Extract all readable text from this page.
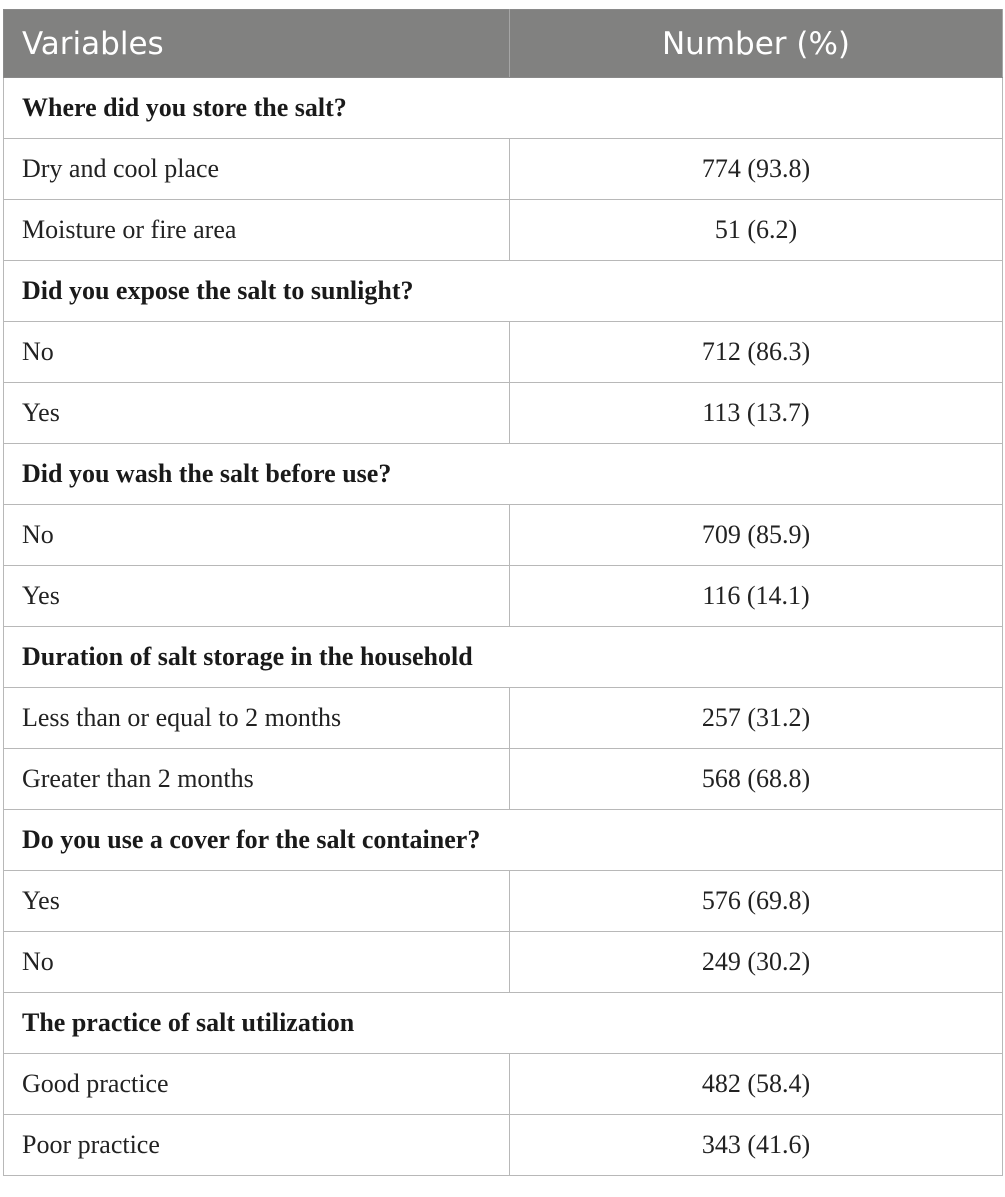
Variables	Number (%)
Where did you store the salt?	
Dry and cool place	774 (93.8)
Moisture or fire area	51 (6.2)
Did you expose the salt to sunlight?	
No	712 (86.3)
Yes	113 (13.7)
Did you wash the salt before use?	
No	709 (85.9)
Yes	116 (14.1)
Duration of salt storage in the household	
Less than or equal to 2 months	257 (31.2)
Greater than 2 months	568 (68.8)
Do you use a cover for the salt container?	
Yes	576 (69.8)
No	249 (30.2)
The practice of salt utilization	
Good practice	482 (58.4)
Poor practice	343 (41.6)
